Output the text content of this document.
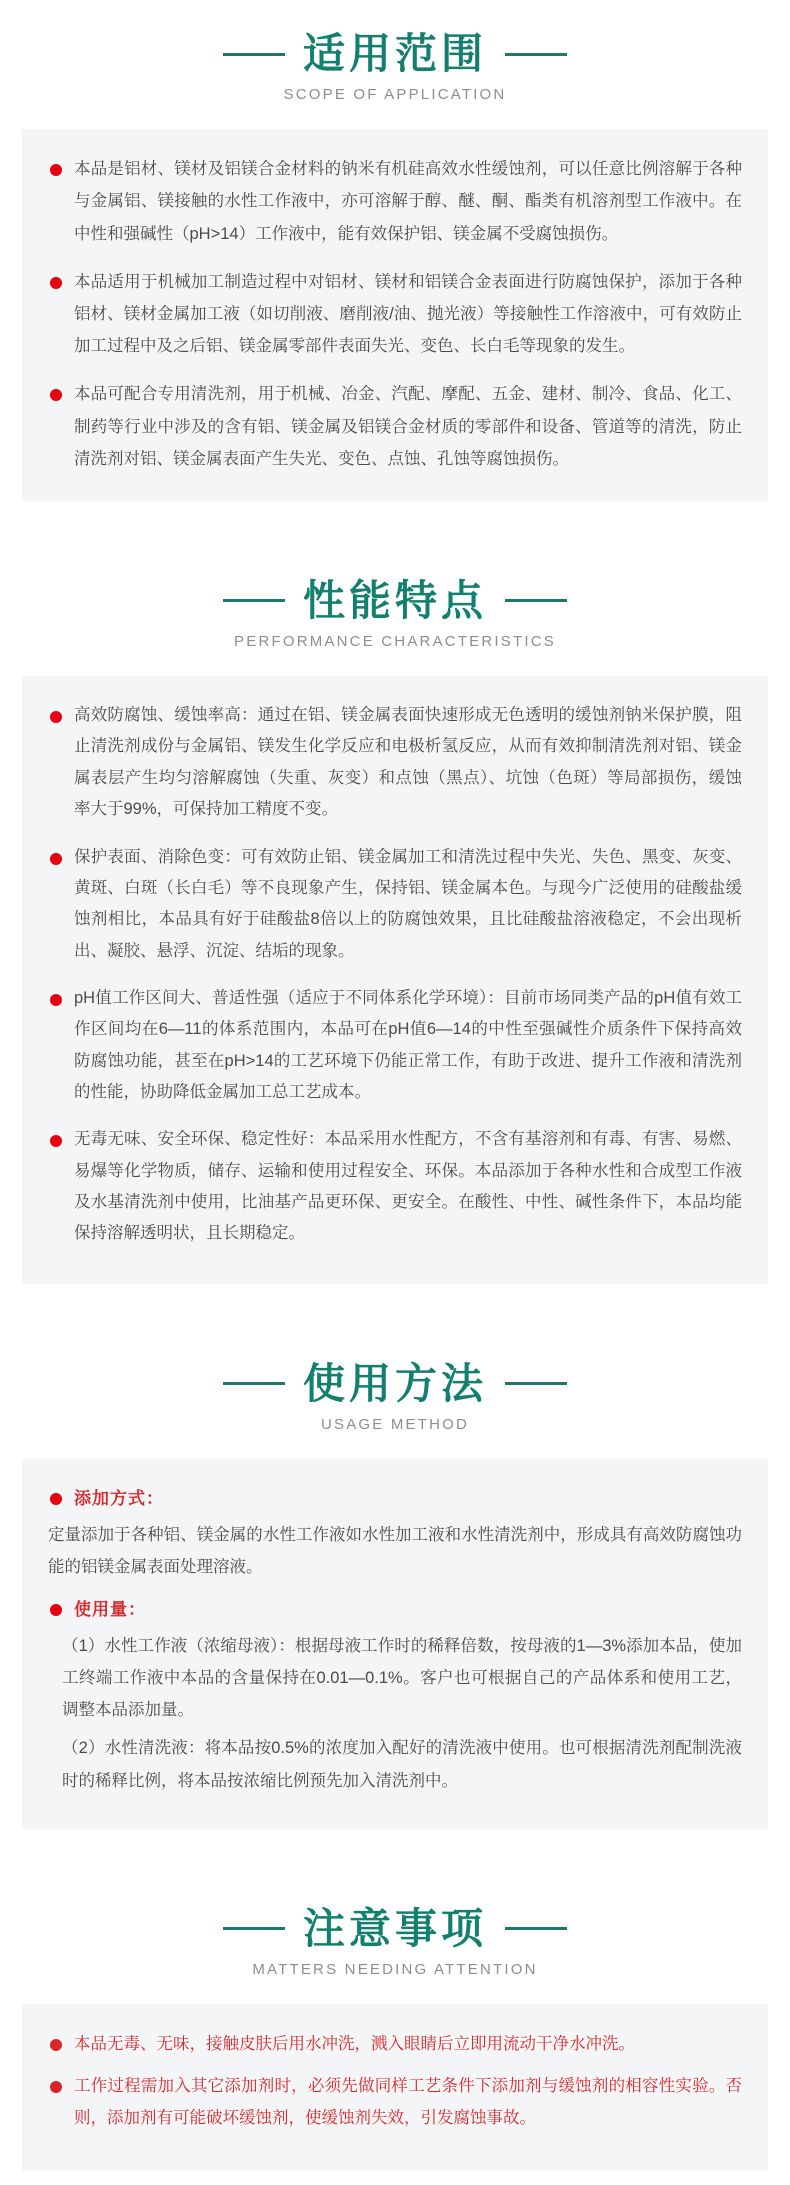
适用范围
SCOPE OF APPLICATION

本品是铝材、镁材及铝镁合金材料的钠米有机硅高效水性缓蚀剂，可以任意比例溶解于各种与金属铝、镁接触的水性工作液中，亦可溶解于醇、醚、酮、酯类有机溶剂型工作液中。在中性和强碱性（pH>14）工作液中，能有效保护铝、镁金属不受腐蚀损伤。

本品适用于机械加工制造过程中对铝材、镁材和铝镁合金表面进行防腐蚀保护，添加于各种铝材、镁材金属加工液（如切削液、磨削液/油、抛光液）等接触性工作溶液中，可有效防止加工过程中及之后铝、镁金属零部件表面失光、变色、长白毛等现象的发生。

本品可配合专用清洗剂，用于机械、冶金、汽配、摩配、五金、建材、制冷、食品、化工、制药等行业中涉及的含有铝、镁金属及铝镁合金材质的零部件和设备、管道等的清洗，防止清洗剂对铝、镁金属表面产生失光、变色、点蚀、孔蚀等腐蚀损伤。

性能特点
PERFORMANCE CHARACTERISTICS

高效防腐蚀、缓蚀率高：通过在铝、镁金属表面快速形成无色透明的缓蚀剂钠米保护膜，阻止清洗剂成份与金属铝、镁发生化学反应和电极析氢反应，从而有效抑制清洗剂对铝、镁金属表层产生均匀溶解腐蚀（失重、灰变）和点蚀（黑点）、坑蚀（色斑）等局部损伤，缓蚀率大于99%，可保持加工精度不变。

保护表面、消除色变：可有效防止铝、镁金属加工和清洗过程中失光、失色、黑变、灰变、黄斑、白斑（长白毛）等不良现象产生，保持铝、镁金属本色。与现今广泛使用的硅酸盐缓蚀剂相比，本品具有好于硅酸盐8倍以上的防腐蚀效果，且比硅酸盐溶液稳定，不会出现析出、凝胶、悬浮、沉淀、结垢的现象。

pH值工作区间大、普适性强（适应于不同体系化学环境）：目前市场同类产品的pH值有效工作区间均在6—11的体系范围内，本品可在pH值6—14的中性至强碱性介质条件下保持高效防腐蚀功能，甚至在pH>14的工艺环境下仍能正常工作，有助于改进、提升工作液和清洗剂的性能，协助降低金属加工总工艺成本。

无毒无味、安全环保、稳定性好：本品采用水性配方，不含有基溶剂和有毒、有害、易燃、易爆等化学物质，储存、运输和使用过程安全、环保。本品添加于各种水性和合成型工作液及水基清洗剂中使用，比油基产品更环保、更安全。在酸性、中性、碱性条件下，本品均能保持溶解透明状，且长期稳定。

使用方法
USAGE METHOD

添加方式：

定量添加于各种铝、镁金属的水性工作液如水性加工液和水性清洗剂中，形成具有高效防腐蚀功能的铝镁金属表面处理溶液。

使用量：

（1）水性工作液（浓缩母液）：根据母液工作时的稀释倍数，按母液的1—3%添加本品，使加工终端工作液中本品的含量保持在0.01—0.1%。客户也可根据自己的产品体系和使用工艺，调整本品添加量。

（2）水性清洗液：将本品按0.5%的浓度加入配好的清洗液中使用。也可根据清洗剂配制洗液时的稀释比例，将本品按浓缩比例预先加入清洗剂中。

注意事项
MATTERS NEEDING ATTENTION

本品无毒、无味，接触皮肤后用水冲洗，溅入眼睛后立即用流动干净水冲洗。

工作过程需加入其它添加剂时，必须先做同样工艺条件下添加剂与缓蚀剂的相容性实验。否则，添加剂有可能破坏缓蚀剂，使缓蚀剂失效，引发腐蚀事故。
